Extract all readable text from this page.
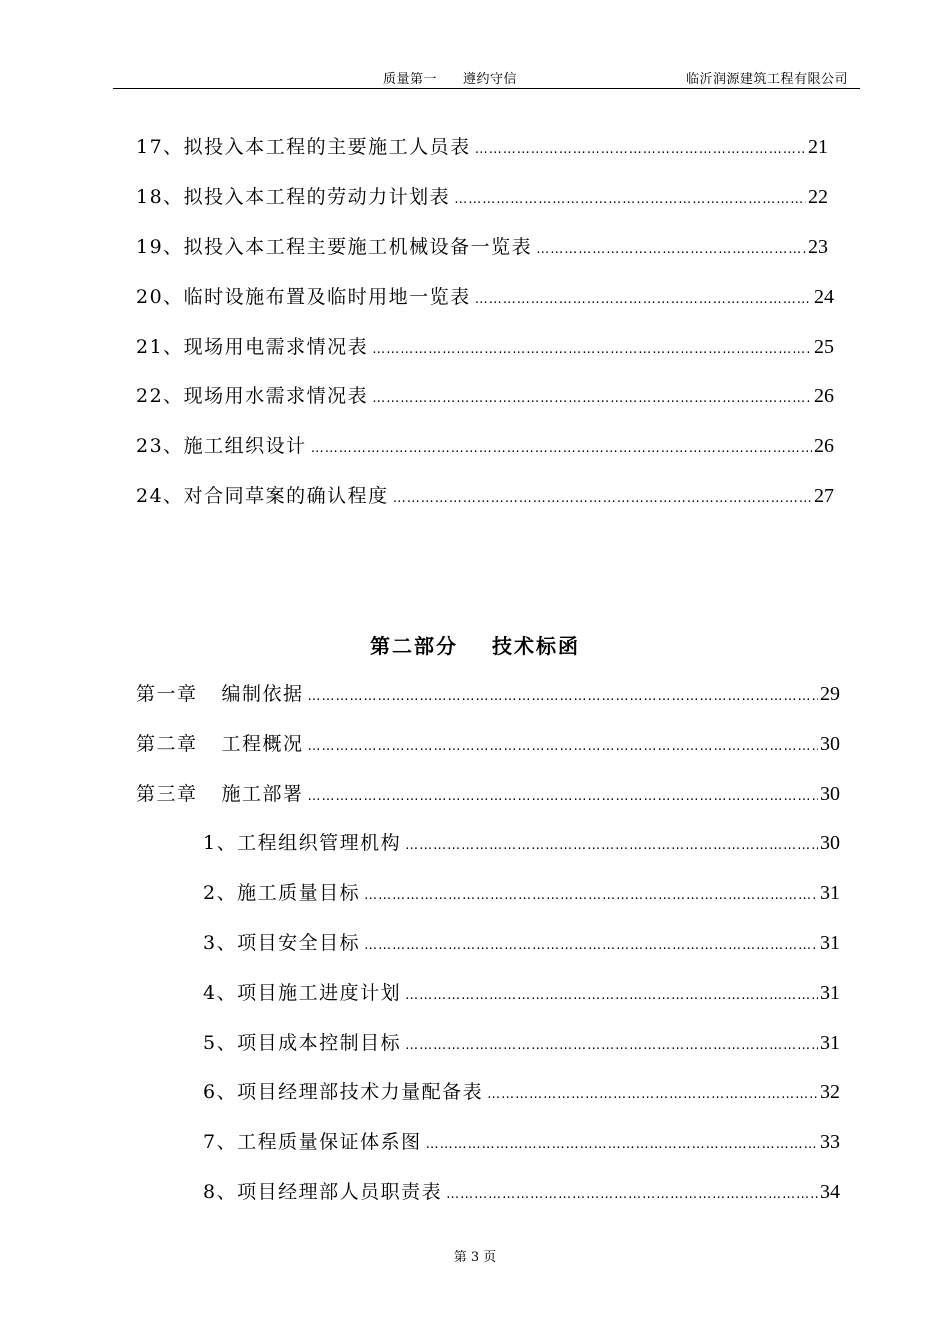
质量第一 遵约守信	临沂润源建筑工程有限公司
17、拟投入本工程的主要施工人员表 …………………………………………………………………………………………………………………………………………………	21
18、拟投入本工程的劳动力计划表 …………………………………………………………………………………………………………………………………………………	22
19、拟投入本工程主要施工机械设备一览表 …………………………………………………………………………………………………………………………………………………	23
20、临时设施布置及临时用地一览表 …………………………………………………………………………………………………………………………………………………	24
21、现场用电需求情况表 …………………………………………………………………………………………………………………………………………………	25
22、现场用水需求情况表 …………………………………………………………………………………………………………………………………………………	26
23、施工组织设计 …………………………………………………………………………………………………………………………………………………	26
24、对合同草案的确认程度 …………………………………………………………………………………………………………………………………………………	27
第二部分 技术标函
第一章 编制依据 …………………………………………………………………………………………………………………………………………………	29
第二章 工程概况 …………………………………………………………………………………………………………………………………………………	30
第三章 施工部署 …………………………………………………………………………………………………………………………………………………	30
1、工程组织管理机构 …………………………………………………………………………………………………………………………………………………	30
2、施工质量目标 …………………………………………………………………………………………………………………………………………………	31
3、项目安全目标 …………………………………………………………………………………………………………………………………………………	31
4、项目施工进度计划 …………………………………………………………………………………………………………………………………………………	31
5、项目成本控制目标 …………………………………………………………………………………………………………………………………………………	31
6、项目经理部技术力量配备表 …………………………………………………………………………………………………………………………………………………	32
7、工程质量保证体系图 …………………………………………………………………………………………………………………………………………………	33
8、项目经理部人员职责表 …………………………………………………………………………………………………………………………………………………	34
第 3 页
